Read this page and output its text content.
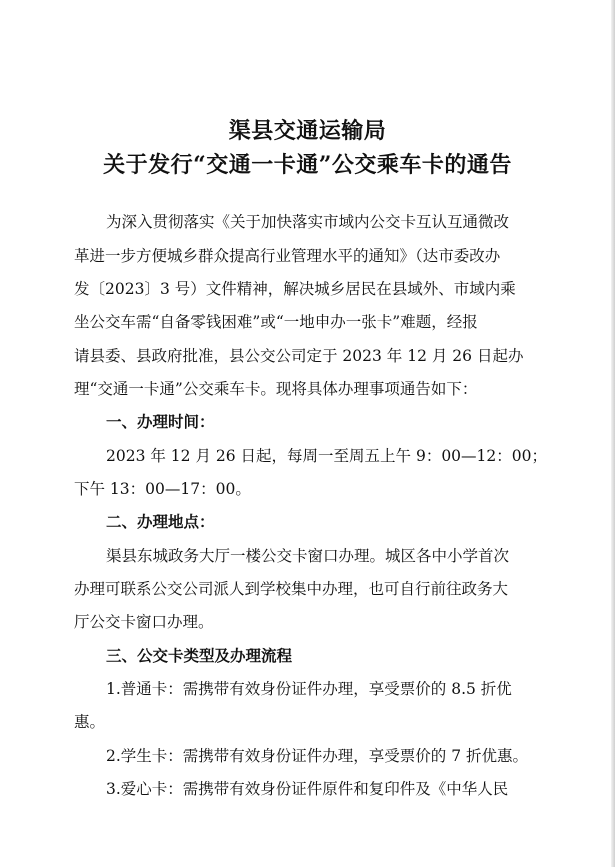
渠县交通运输局
关于发行“交通一卡通”公交乘车卡的通告
为深入贯彻落实《关于加快落实市域内公交卡互认互通微改
革进一步方便城乡群众提高行业管理水平的通知》（达市委改办
发〔2023〕3 号）文件精神，解决城乡居民在县域外、市域内乘
坐公交车需“自备零钱困难”或“一地申办一张卡”难题，经报
请县委、县政府批准，县公交公司定于 2023 年 12 月 26 日起办
理“交通一卡通”公交乘车卡。现将具体办理事项通告如下：
一、办理时间：
2023 年 12 月 26 日起，每周一至周五上午 9：00—12：00；
下午 13：00—17：00。
二、办理地点：
渠县东城政务大厅一楼公交卡窗口办理。城区各中小学首次
办理可联系公交公司派人到学校集中办理，也可自行前往政务大
厅公交卡窗口办理。
三、公交卡类型及办理流程
1.普通卡：需携带有效身份证件办理，享受票价的 8.5 折优
惠。
2.学生卡：需携带有效身份证件办理，享受票价的 7 折优惠。
3.爱心卡：需携带有效身份证件原件和复印件及《中华人民
